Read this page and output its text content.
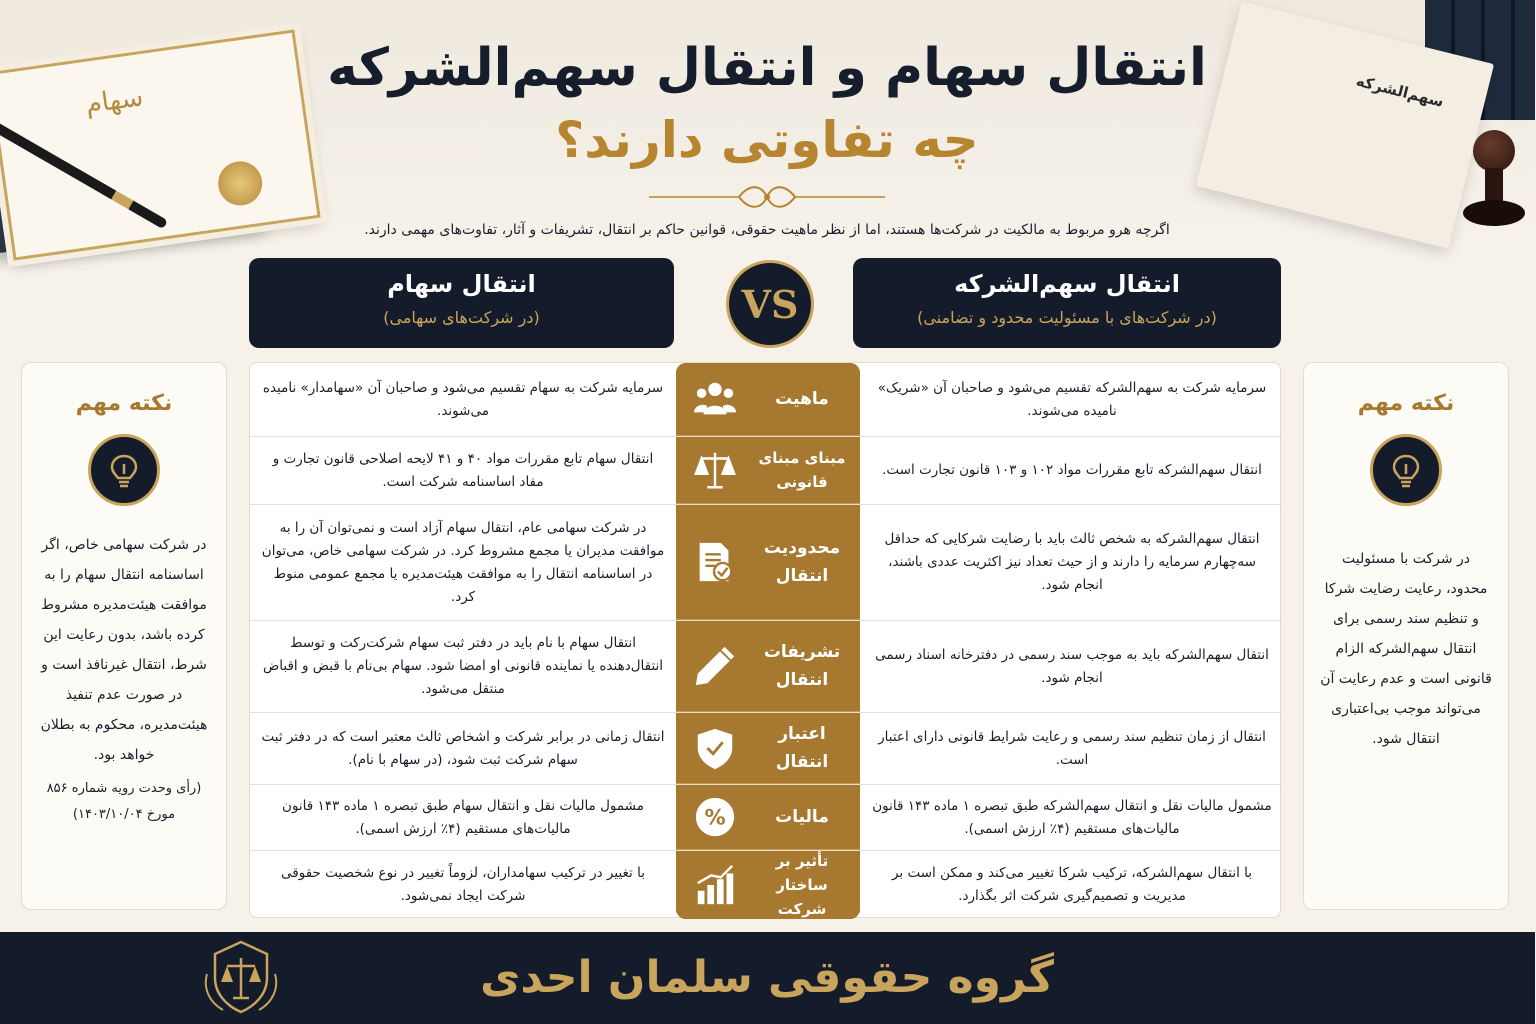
سهام	سهم‌الشرکه
انتقال سهام و انتقال سهم‌الشرکه
چه تفاوتی دارند؟
اگرچه هرو مربوط به مالکیت در شرکت‌ها هستند، اما از نظر ماهیت حقوقی، قوانین حاکم بر انتقال، تشریفات و آثار، تفاوت‌های مهمی دارند.
انتقال سهم‌الشرکه
(در شرکت‌های با مسئولیت محدود و تضامنی)
VS
انتقال سهام
(در شرکت‌های سهامی)
سرمایه شرکت به سهم‌الشرکه تقسیم می‌شود و صاحبان آن «شریک» نامیده می‌شوند.
ماهیت
سرمایه شرکت به سهام تقسیم می‌شود و صاحبان آن «سهامدار» نامیده می‌شوند.
انتقال سهم‌الشرکه تابع مقررات مواد ۱۰۲ و ۱۰۳ قانون تجارت است.
مبنای مبنای قانونی
انتقال سهام تابع مقررات مواد ۴۰ و ۴۱ لایحه اصلاحی قانون تجارت و مفاد اساسنامه شرکت است.
انتقال سهم‌الشرکه به شخص ثالث باید با رضایت شرکایی که حداقل سه‌چهارم سرمایه را دارند و از حیث تعداد نیز اکثریت عددی باشند، انجام شود.
محدودیت انتقال
در شرکت سهامی عام، انتقال سهام آزاد است و نمی‌توان آن را به موافقت مدیران یا مجمع مشروط کرد. در شرکت سهامی خاص، می‌توان در اساسنامه انتقال را به موافقت هیئت‌مدیره یا مجمع عمومی منوط کرد.
انتقال سهم‌الشرکه باید به موجب سند رسمی در دفترخانه اسناد رسمی انجام شود.
تشریفات انتقال
انتقال سهام با نام باید در دفتر ثبت سهام شرکت‌رکت و توسط انتقال‌دهنده یا نماینده قانونی او امضا شود. سهام بی‌نام با قبض و اقباض منتقل می‌شود.
انتقال از زمان تنظیم سند رسمی و رعایت شرایط قانونی دارای اعتبار است.
اعتبار انتقال
انتقال زمانی در برابر شرکت و اشخاص ثالث معتبر است که در دفتر ثبت سهام شرکت ثبت شود، (در سهام با نام).
مشمول مالیات نقل و انتقال سهم‌الشرکه طبق تبصره ۱ ماده ۱۴۳ قانون مالیات‌های مستقیم (۴٪ ارزش اسمی).
مالیات
%
مشمول مالیات نقل و انتقال سهام طبق تبصره ۱ ماده ۱۴۳ قانون مالیات‌های مستقیم (۴٪ ارزش اسمی).
با انتقال سهم‌الشرکه، ترکیب شرکا تغییر می‌کند و ممکن است بر مدیریت و تصمیم‌گیری شرکت اثر بگذارد.
تأثیر بر ساختار شرکت
با تغییر در ترکیب سهامداران، لزوماً تغییر در نوع شخصیت حقوقی شرکت ایجاد نمی‌شود.
نکته مهم
در شرکت با مسئولیت محدود، رعایت رضایت شرکا و تنظیم سند رسمی برای انتقال سهم‌الشرکه الزام قانونی است و عدم رعایت آن می‌تواند موجب بی‌اعتباری انتقال شود.
نکته مهم
در شرکت سهامی خاص، اگر اساسنامه انتقال سهام را به موافقت هیئت‌مدیره مشروط کرده باشد، بدون رعایت این شرط، انتقال غیرنافذ است و در صورت عدم تنفیذ هیئت‌مدیره، محکوم به بطلان خواهد بود.
(رأی وحدت رویه شماره ۸۵۶ مورخ ۱۴۰۳/۱۰/۰۴)
گروه حقوقی سلمان احدی
